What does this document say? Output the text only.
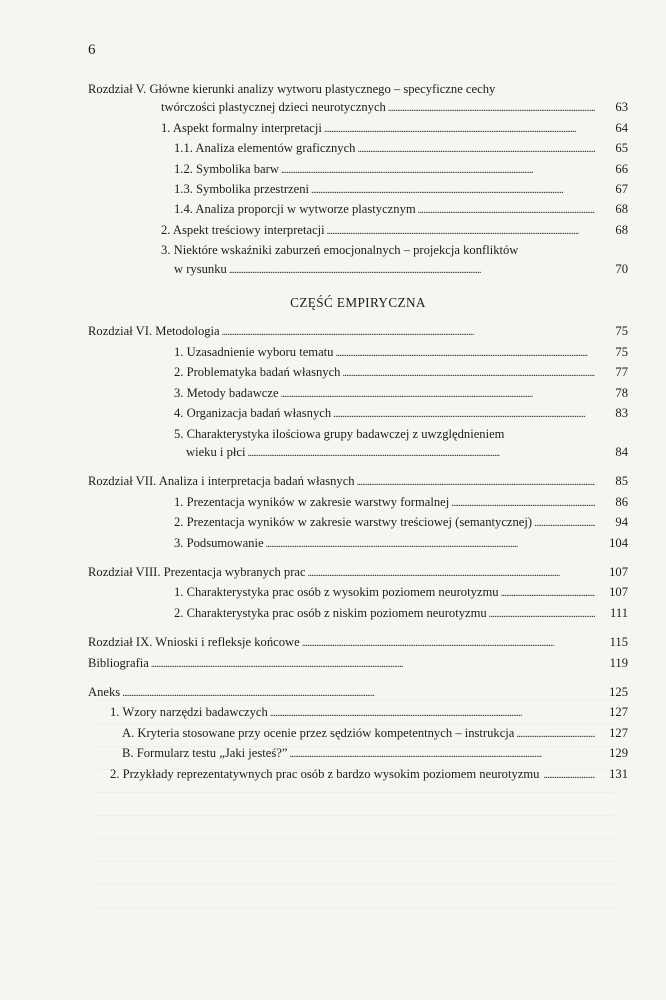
6
Rozdział V. Główne kierunki analizy wytworu plastycznego – specyficzne cechy
twórczości plastycznej dzieci neurotycznych . . .	63
1. Aspekt formalny interpretacji . . .	64
1.1. Analiza elementów graficznych . . .	65
1.2. Symbolika barw . . .	66
1.3. Symbolika przestrzeni . . .	67
1.4. Analiza proporcji w wytworze plastycznym . . .	68
2. Aspekt treściowy interpretacji . . .	68
3. Niektóre wskaźniki zaburzeń emocjonalnych – projekcja konfliktów
w rysunku . . .	70
CZĘŚĆ EMPIRYCZNA
Rozdział VI. Metodologia . . .	75
1. Uzasadnienie wyboru tematu . . .	75
2. Problematyka badań własnych . . .	77
3. Metody badawcze . . .	78
4. Organizacja badań własnych . . .	83
5. Charakterystyka ilościowa grupy badawczej z uwzględnieniem
wieku i płci . . .	84
Rozdział VII. Analiza i interpretacja badań własnych . . .	85
1. Prezentacja wyników w zakresie warstwy formalnej . . .	86
2. Prezentacja wyników w zakresie warstwy treściowej (semantycznej) . . .	94
3. Podsumowanie . . .	104
Rozdział VIII. Prezentacja wybranych prac . . .	107
1. Charakterystyka prac osób z wysokim poziomem neurotyzmu . . .	107
2. Charakterystyka prac osób z niskim poziomem neurotyzmu . . .	111
Rozdział IX. Wnioski i refleksje końcowe . . .	115
Bibliografia . . .	119
Aneks . . .	125
1. Wzory narzędzi badawczych . . .	127
A. Kryteria stosowane przy ocenie przez sędziów kompetentnych – instrukcja . . .	127
B. Formularz testu „Jaki jesteś?” . . .	129
2. Przykłady reprezentatywnych prac osób z bardzo wysokim poziomem neurotyzmu . . .	131
